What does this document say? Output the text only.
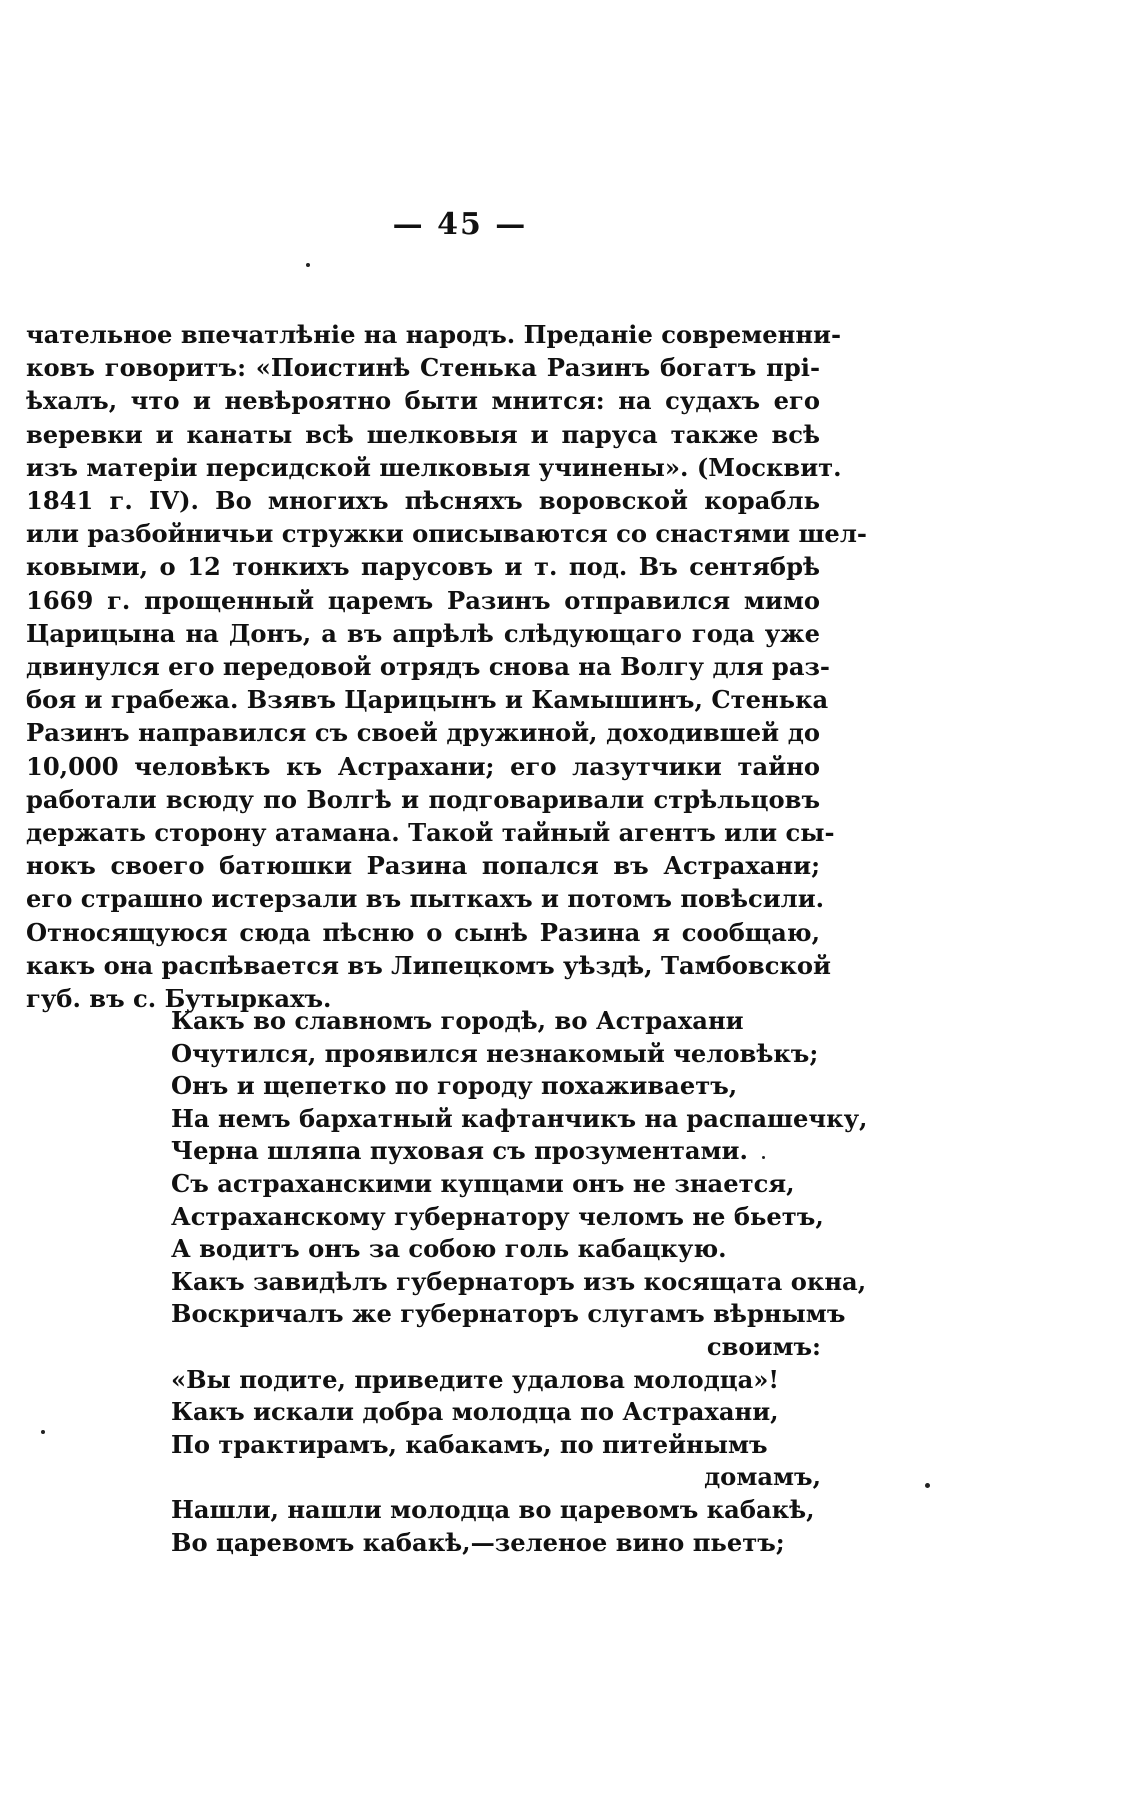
— 45 —
чательное впечатлѣніе на народъ. Преданіе современни-
ковъ говоритъ: «Поистинѣ Стенька Разинъ богатъ прі-
ѣхалъ, что и невѣроятно быти мнится: на судахъ его
веревки и канаты всѣ шелковыя и паруса также всѣ
изъ матеріи персидской шелковыя учинены». (Москвит.
1841 г. IV). Во многихъ пѣсняхъ воровской корабль
или разбойничьи стружки описываются со снастями шел-
ковыми, о 12 тонкихъ парусовъ и т. под. Въ сентябрѣ
1669 г. прощенный царемъ Разинъ отправился мимо
Царицына на Донъ, а въ апрѣлѣ слѣдующаго года уже
двинулся его передовой отрядъ снова на Волгу для раз-
боя и грабежа. Взявъ Царицынъ и Камышинъ, Стенька
Разинъ направился съ своей дружиной, доходившей до
10,000 человѣкъ къ Астрахани; его лазутчики тайно
работали всюду по Волгѣ и подговаривали стрѣльцовъ
держать сторону атамана. Такой тайный агентъ или сы-
нокъ своего батюшки Разина попался въ Астрахани;
его страшно истерзали въ пыткахъ и потомъ повѣсили.
Относящуюся сюда пѣсню о сынѣ Разина я сообщаю,
какъ она распѣвается въ Липецкомъ уѣздѣ, Тамбовской
губ. въ с. Бутыркахъ.
Какъ во славномъ городѣ, во Астрахани
Очутился, проявился незнакомый человѣкъ;
Онъ и щепетко по городу похаживаетъ,
На немъ бархатный кафтанчикъ на распашечку,
Черна шляпа пуховая съ прозументами.
Съ астраханскими купцами онъ не знается,
Астраханскому губернатору челомъ не бьетъ,
А водитъ онъ за собою голь кабацкую.
Какъ завидѣлъ губернаторъ изъ косящата окна,
Воскричалъ же губернаторъ слугамъ вѣрнымъ
своимъ:
«Вы подите, приведите удалова молодца»!
Какъ искали добра молодца по Астрахани,
По трактирамъ, кабакамъ, по питейнымъ
домамъ,
Нашли, нашли молодца во царевомъ кабакѣ,
Во царевомъ кабакѣ,—зеленое вино пьетъ;
